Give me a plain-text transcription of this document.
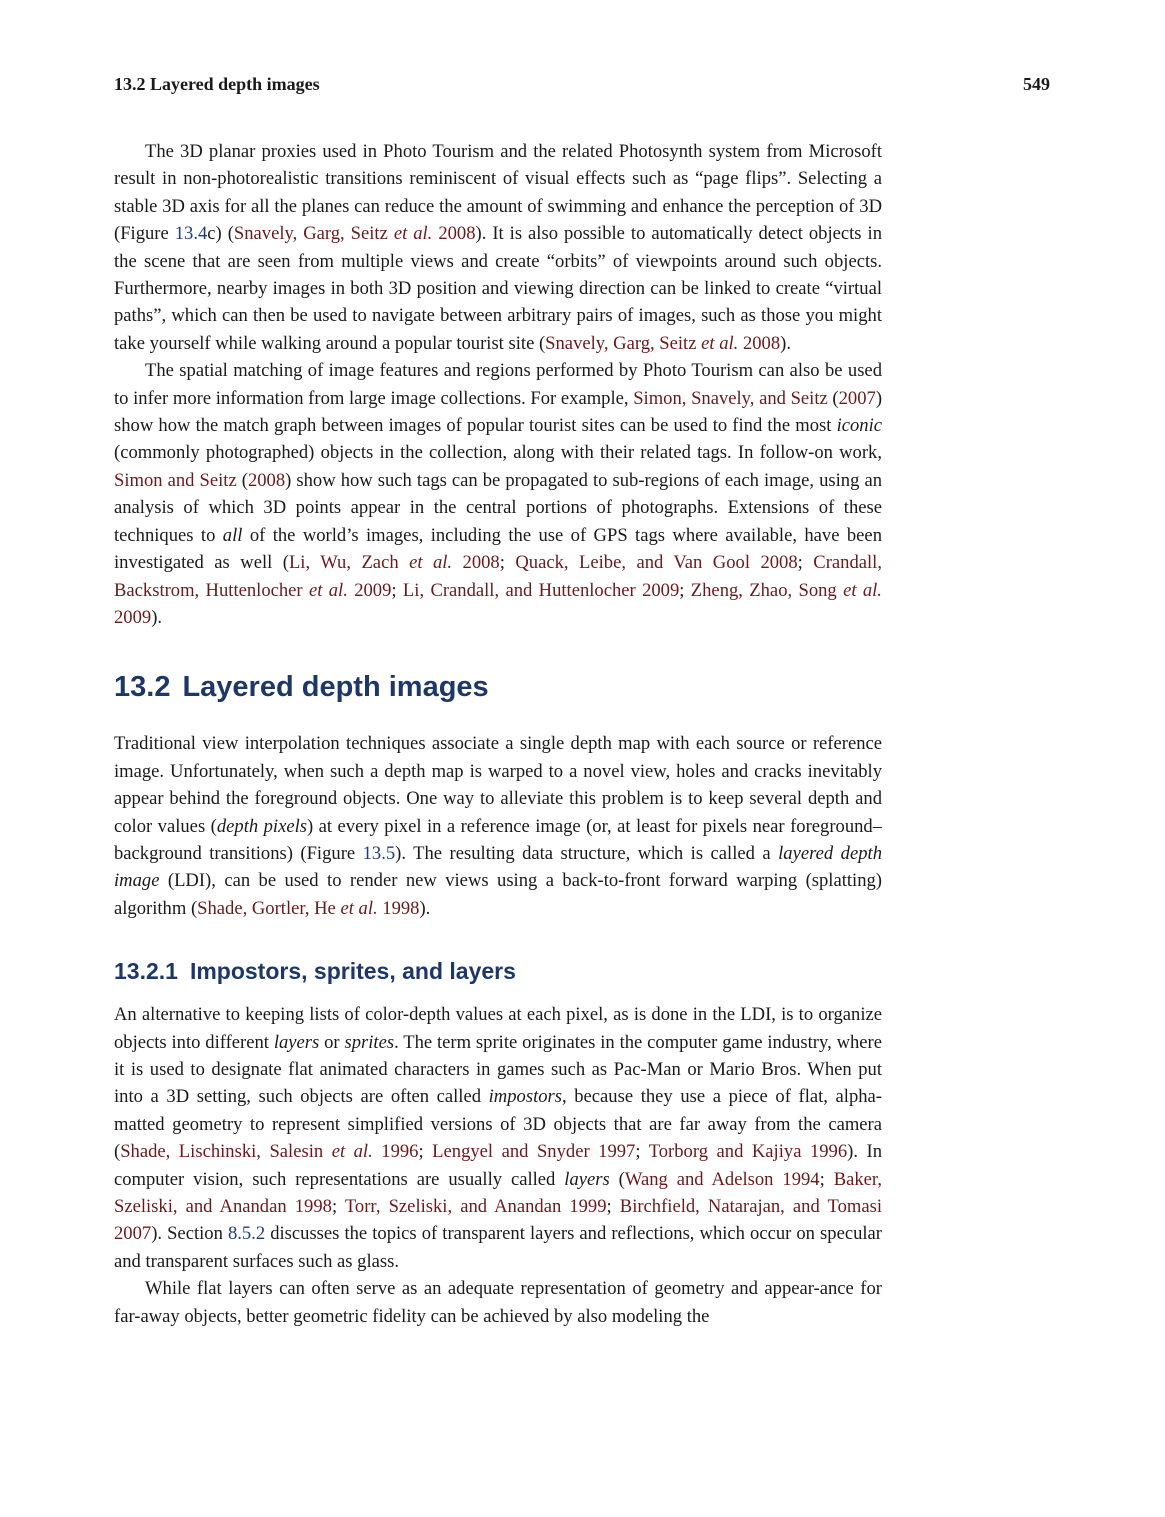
13.2 Layered depth images	549

The 3D planar proxies used in Photo Tourism and the related Photosynth system from Microsoft result in non-photorealistic transitions reminiscent of visual effects such as “page flips”. Selecting a stable 3D axis for all the planes can reduce the amount of swimming and enhance the perception of 3D (Figure 13.4c) (Snavely, Garg, Seitz et al. 2008). It is also possible to automatically detect objects in the scene that are seen from multiple views and create “orbits” of viewpoints around such objects. Furthermore, nearby images in both 3D position and viewing direction can be linked to create “virtual paths”, which can then be used to navigate between arbitrary pairs of images, such as those you might take yourself while walking around a popular tourist site (Snavely, Garg, Seitz et al. 2008).

The spatial matching of image features and regions performed by Photo Tourism can also be used to infer more information from large image collections. For example, Simon, Snavely, and Seitz (2007) show how the match graph between images of popular tourist sites can be used to find the most iconic (commonly photographed) objects in the collection, along with their related tags. In follow-on work, Simon and Seitz (2008) show how such tags can be propagated to sub-regions of each image, using an analysis of which 3D points appear in the central portions of photographs. Extensions of these techniques to all of the world’s images, including the use of GPS tags where available, have been investigated as well (Li, Wu, Zach et al. 2008; Quack, Leibe, and Van Gool 2008; Crandall, Backstrom, Huttenlocher et al. 2009; Li, Crandall, and Huttenlocher 2009; Zheng, Zhao, Song et al. 2009).

13.2 Layered depth images

Traditional view interpolation techniques associate a single depth map with each source or reference image. Unfortunately, when such a depth map is warped to a novel view, holes and cracks inevitably appear behind the foreground objects. One way to alleviate this problem is to keep several depth and color values (depth pixels) at every pixel in a reference image (or, at least for pixels near foreground–background transitions) (Figure 13.5). The resulting data structure, which is called a layered depth image (LDI), can be used to render new views using a back-to-front forward warping (splatting) algorithm (Shade, Gortler, He et al. 1998).

13.2.1 Impostors, sprites, and layers

An alternative to keeping lists of color-depth values at each pixel, as is done in the LDI, is to organize objects into different layers or sprites. The term sprite originates in the computer game industry, where it is used to designate flat animated characters in games such as Pac-Man or Mario Bros. When put into a 3D setting, such objects are often called impostors, because they use a piece of flat, alpha-matted geometry to represent simplified versions of 3D objects that are far away from the camera (Shade, Lischinski, Salesin et al. 1996; Lengyel and Snyder 1997; Torborg and Kajiya 1996). In computer vision, such representations are usually called layers (Wang and Adelson 1994; Baker, Szeliski, and Anandan 1998; Torr, Szeliski, and Anandan 1999; Birchfield, Natarajan, and Tomasi 2007). Section 8.5.2 discusses the topics of transparent layers and reflections, which occur on specular and transparent surfaces such as glass.

While flat layers can often serve as an adequate representation of geometry and appear-ance for far-away objects, better geometric fidelity can be achieved by also modeling the
